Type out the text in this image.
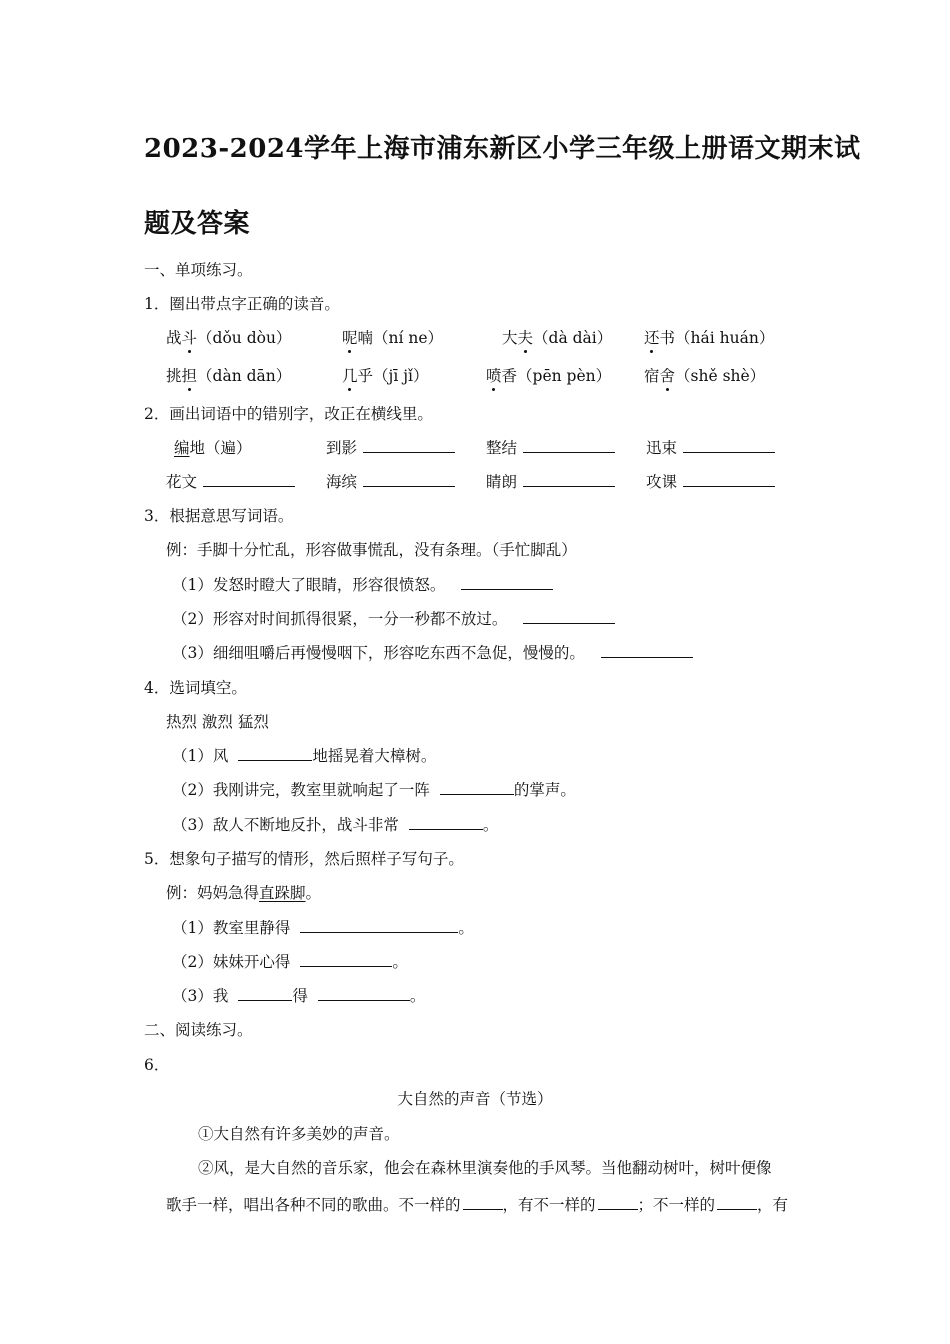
2023-2024学年上海市浦东新区小学三年级上册语文期末试
题及答案
一、单项练习。
1．圈出带点字正确的读音。
战斗（dǒu dòu）	呢喃（ní ne）	大夫（dà dài） 还书（hái huán）
挑担（dàn dān）	几乎（jī jǐ）	喷香（pēn pèn） 宿舍（shě shè）
2．画出词语中的错别字，改正在横线里。
编地（遍）	到影	整结	迅束
花文	海缤	睛朗	攻课
3．根据意思写词语。
例：手脚十分忙乱，形容做事慌乱，没有条理。（手忙脚乱）
（1）发怒时瞪大了眼睛，形容很愤怒。
（2）形容对时间抓得很紧，一分一秒都不放过。
（3）细细咀嚼后再慢慢咽下，形容吃东西不急促，慢慢的。
4．选词填空。
热烈 激烈 猛烈
（1）风	地摇晃着大樟树。
（2）我刚讲完，教室里就响起了一阵	的掌声。
（3）敌人不断地反扑，战斗非常	。
5．想象句子描写的情形，然后照样子写句子。
例：妈妈急得直跺脚。
（1）教室里静得	。
（2）妹妹开心得	。
（3）我	得	。
二、阅读练习。
6．
大自然的声音（节选）
①大自然有许多美妙的声音。
②风，是大自然的音乐家，他会在森林里演奏他的手风琴。当他翻动树叶，树叶便像
歌手一样，唱出各种不同的歌曲。不一样的	，有不一样的	；不一样的	，有
